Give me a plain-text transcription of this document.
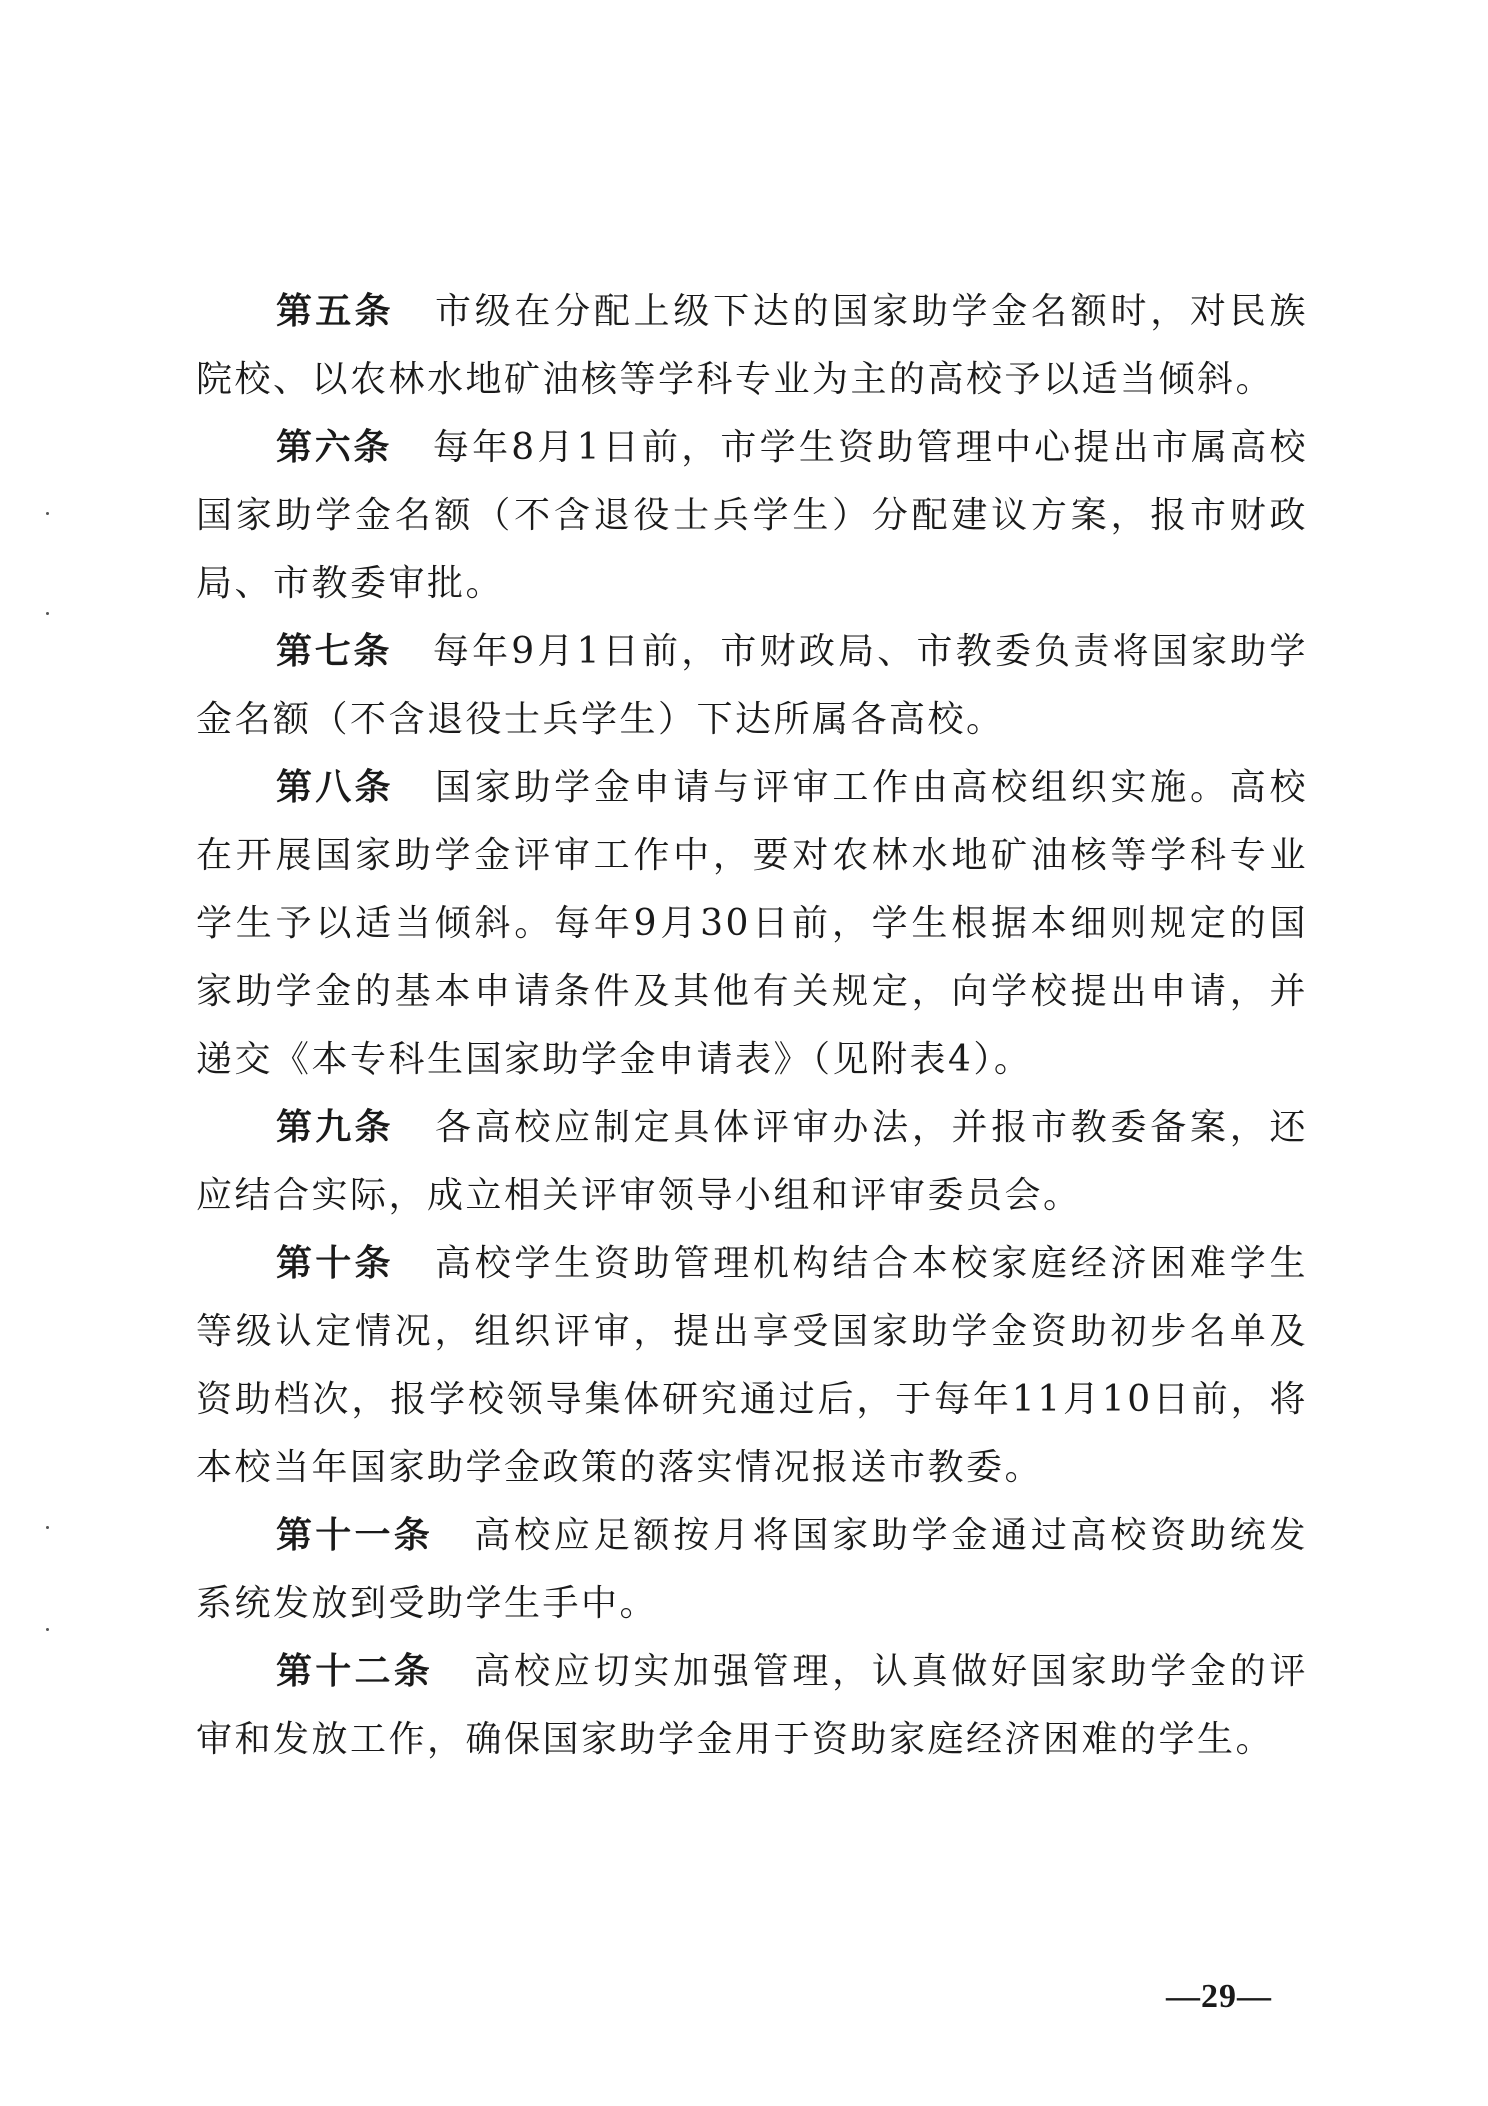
第五条 市级在分配上级下达的国家助学金名额时，对民族院校、以农林水地矿油核等学科专业为主的高校予以适当倾斜。

第六条 每年8月1日前，市学生资助管理中心提出市属高校国家助学金名额（不含退役士兵学生）分配建议方案，报市财政局、市教委审批。

第七条 每年9月1日前，市财政局、市教委负责将国家助学金名额（不含退役士兵学生）下达所属各高校。

第八条 国家助学金申请与评审工作由高校组织实施。高校在开展国家助学金评审工作中，要对农林水地矿油核等学科专业学生予以适当倾斜。每年9月30日前，学生根据本细则规定的国家助学金的基本申请条件及其他有关规定，向学校提出申请，并递交《本专科生国家助学金申请表》（见附表4）。

第九条 各高校应制定具体评审办法，并报市教委备案，还应结合实际，成立相关评审领导小组和评审委员会。

第十条 高校学生资助管理机构结合本校家庭经济困难学生等级认定情况，组织评审，提出享受国家助学金资助初步名单及资助档次，报学校领导集体研究通过后，于每年11月10日前，将本校当年国家助学金政策的落实情况报送市教委。

第十一条 高校应足额按月将国家助学金通过高校资助统发系统发放到受助学生手中。

第十二条 高校应切实加强管理，认真做好国家助学金的评审和发放工作，确保国家助学金用于资助家庭经济困难的学生。

—29—
